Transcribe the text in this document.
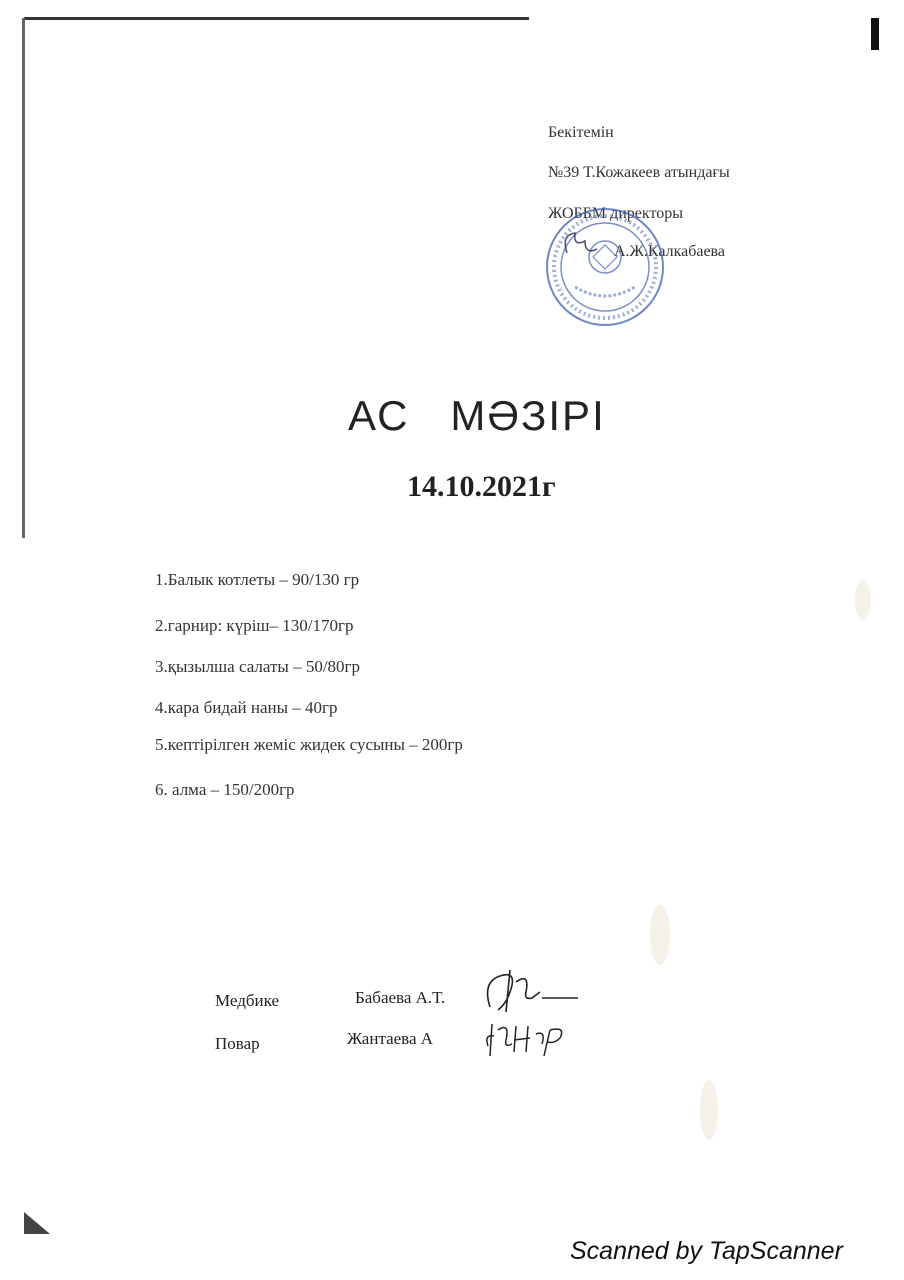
Бекітемін
№39 Т.Кожакеев атындағы
ЖОББМ директоры
А.Ж.Калкабаева
АС   МӘЗІРІ
14.10.2021г
1.Балык котлеты – 90/130 гр
2.гарнир: күріш– 130/170гр
3.қызылша салаты – 50/80гр
4.кара бидай наны – 40гр
5.кептірілген жеміс жидек сусыны – 200гр
6. алма – 150/200гр
Медбике	Бабаева А.Т.
Повар	Жантаева А
Scanned by TapScanner
